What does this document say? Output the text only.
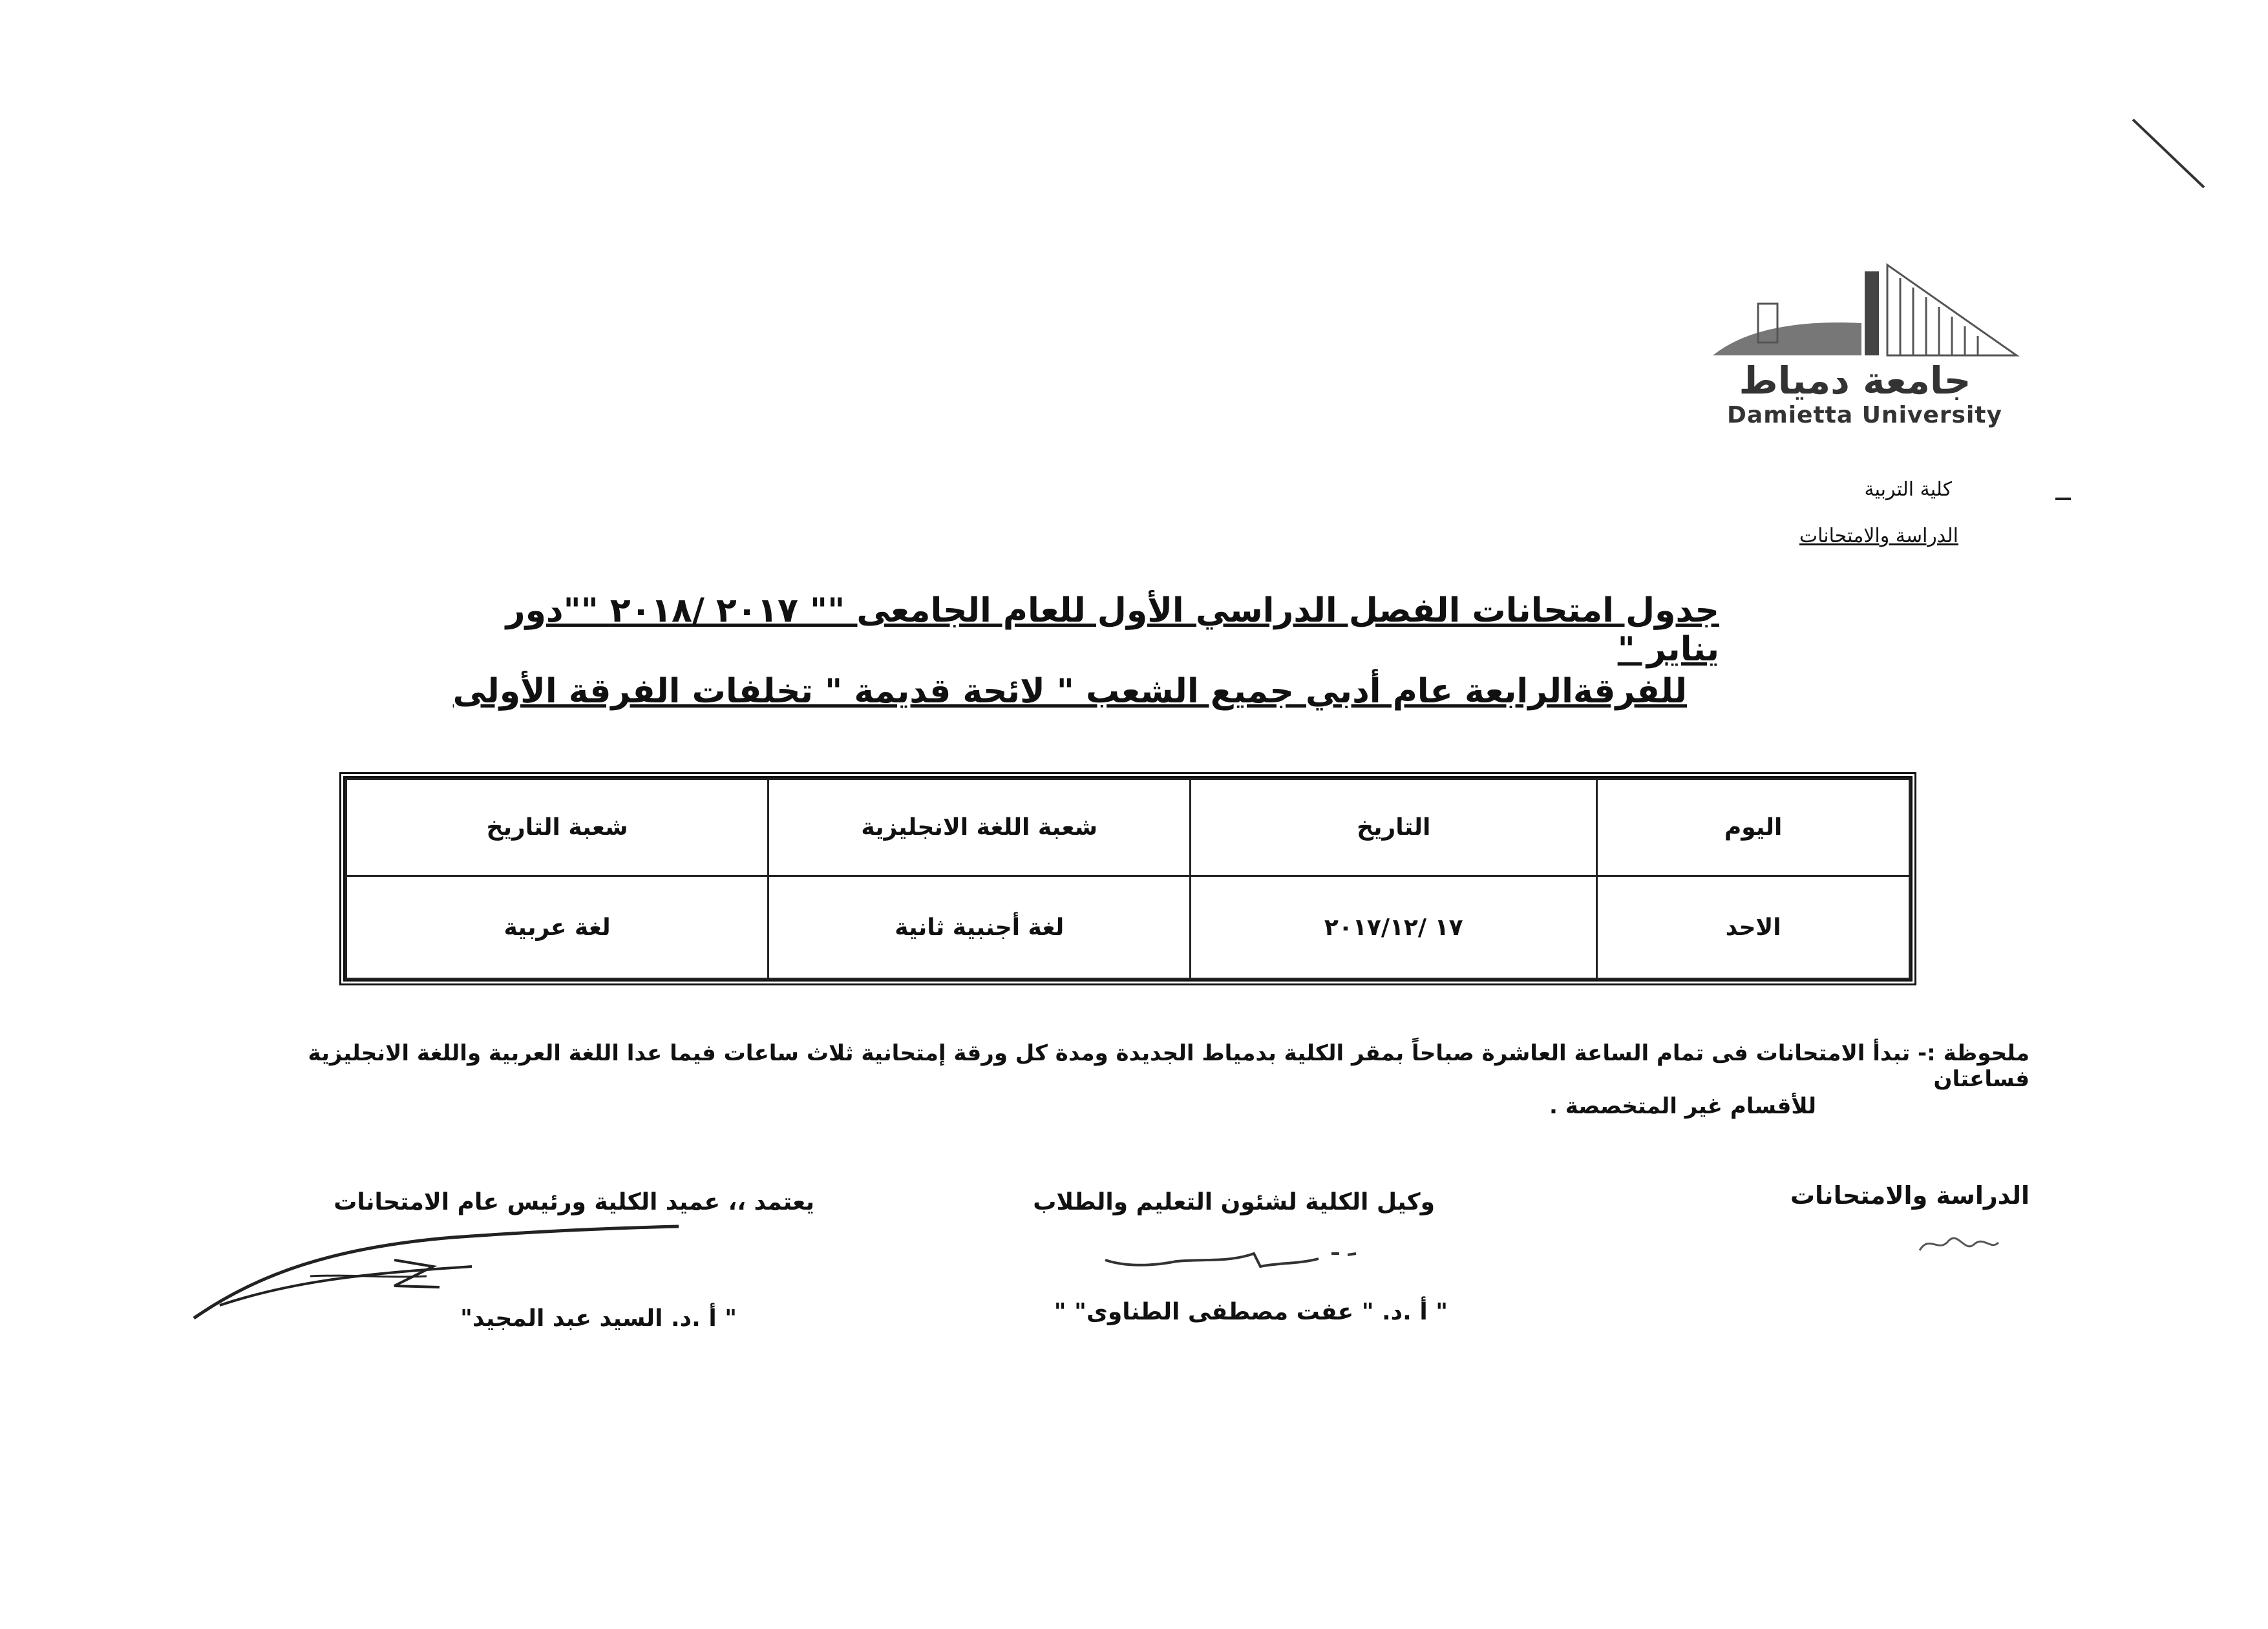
جامعة دمياط
Damietta University
كلية التربية
الدراسة والامتحانات
جدول امتحانات الفصل الدراسي الأول للعام الجامعى "" ٢٠١٧ /٢٠١٨ ""دور يناير "
للفرقةالرابعة عام أدبي جميع الشعب " لائحة قديمة " تخلفات الفرقة الأولى
اليوم	التاريخ	شعبة اللغة الانجليزية	شعبة التاريخ
الاحد	١٧ /٢٠١٧/١٢	لغة أجنبية ثانية	لغة عربية
ملحوظة :- تبدأ الامتحانات فى تمام الساعة العاشرة صباحاً بمقر الكلية بدمياط الجديدة ومدة كل ورقة إمتحانية ثلاث ساعات فيما عدا اللغة العربية واللغة الانجليزية فساعتان
للأقسام غير المتخصصة .
الدراسة والامتحانات
وكيل الكلية لشئون التعليم والطلاب
" أ .د. " عفت مصطفى الطناوى" "
يعتمد ،، عميد الكلية ورئيس عام الامتحانات
" أ .د. السيد عبد المجيد"
